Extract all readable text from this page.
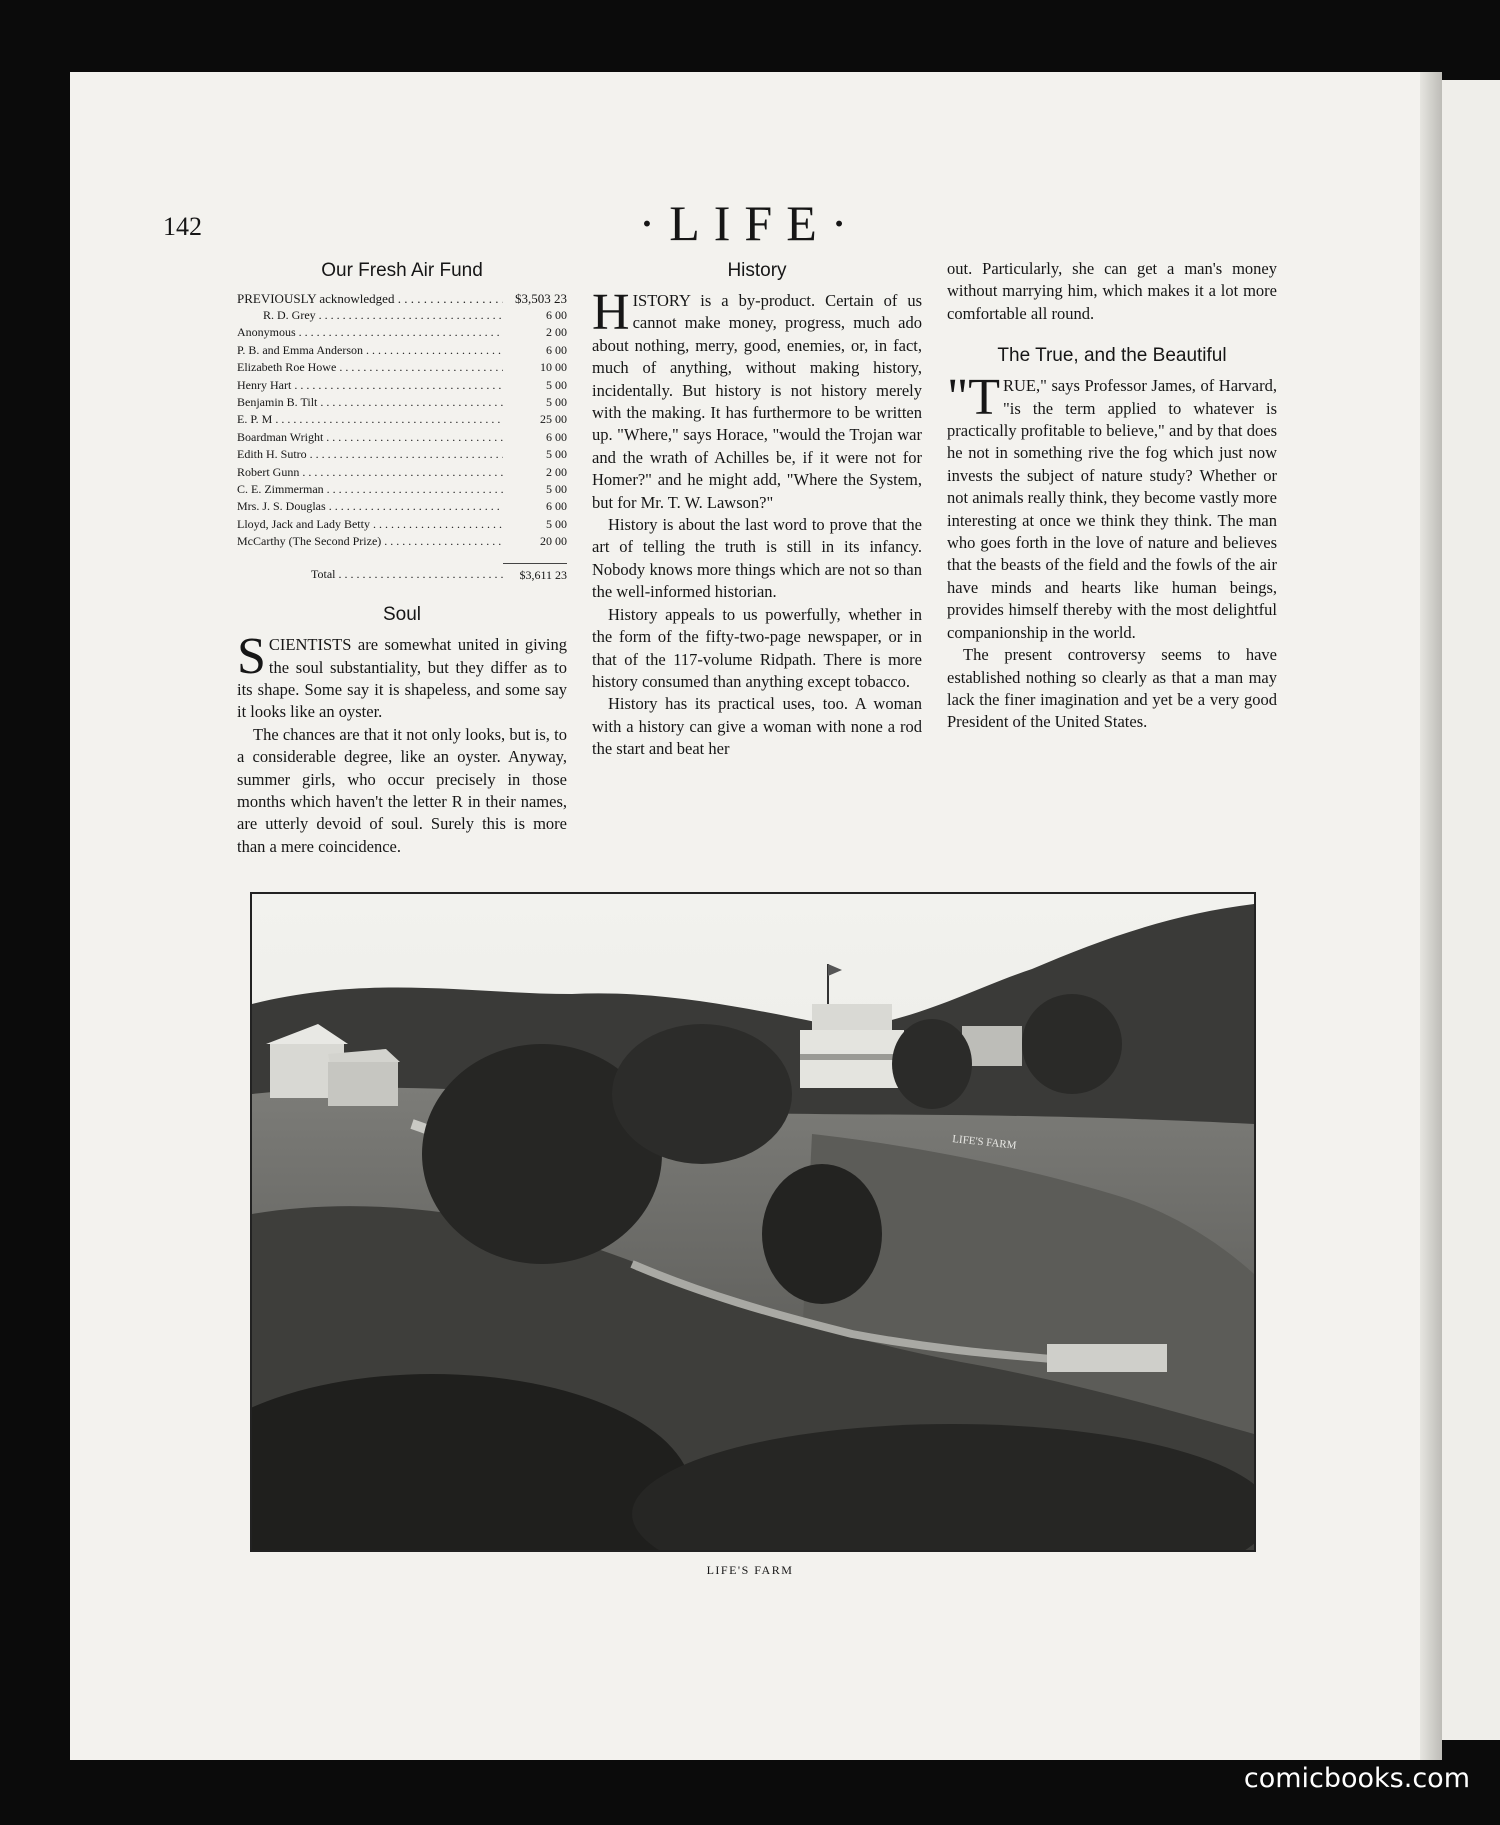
142	·LIFE·
Our Fresh Air Fund
PREVIOUSLY acknowledged . . .	$3,503 23
R. D. Grey . . .	6 00
Anonymous . . .	2 00
P. B. and Emma Anderson . . .	6 00
Elizabeth Roe Howe . . .	10 00
Henry Hart . . .	5 00
Benjamin B. Tilt . . .	5 00
E. P. M . . .	25 00
Boardman Wright . . .	6 00
Edith H. Sutro . . .	5 00
Robert Gunn . . .	2 00
C. E. Zimmerman . . .	5 00
Mrs. J. S. Douglas . . .	6 00
Lloyd, Jack and Lady Betty . . .	5 00
McCarthy (The Second Prize) . . .	20 00
Total . . .	$3,611 23
Soul

SCIENTISTS are somewhat united in giving the soul substantiality, but they differ as to its shape. Some say it is shapeless, and some say it looks like an oyster.

The chances are that it not only looks, but is, to a considerable degree, like an oyster. Anyway, summer girls, who occur precisely in those months which haven't the letter R in their names, are utterly devoid of soul. Surely this is more than a mere coincidence.

History

HISTORY is a by-product. Certain of us cannot make money, progress, much ado about nothing, merry, good, enemies, or, in fact, much of anything, without making history, incidentally. But history is not history merely with the making. It has furthermore to be written up. "Where," says Horace, "would the Trojan war and the wrath of Achilles be, if it were not for Homer?" and he might add, "Where the System, but for Mr. T. W. Lawson?"

History is about the last word to prove that the art of telling the truth is still in its infancy. Nobody knows more things which are not so than the well-informed historian.

History appeals to us powerfully, whether in the form of the fifty-two-page newspaper, or in that of the 117-volume Ridpath. There is more history consumed than anything except tobacco.

History has its practical uses, too. A woman with a history can give a woman with none a rod the start and beat her

out. Particularly, she can get a man's money without marrying him, which makes it a lot more comfortable all round.

The True, and the Beautiful

"TRUE," says Professor James, of Harvard, "is the term applied to whatever is practically profitable to believe," and by that does he not in something rive the fog which just now invests the subject of nature study? Whether or not animals really think, they become vastly more interesting at once we think they think. The man who goes forth in the love of nature and believes that the beasts of the field and the fowls of the air have minds and hearts like human beings, provides himself thereby with the most delightful companionship in the world.

The present controversy seems to have established nothing so clearly as that a man may lack the finer imagination and yet be a very good President of the United States.

LIFE'S FARM
LIFE'S FARM
comicbooks.com
